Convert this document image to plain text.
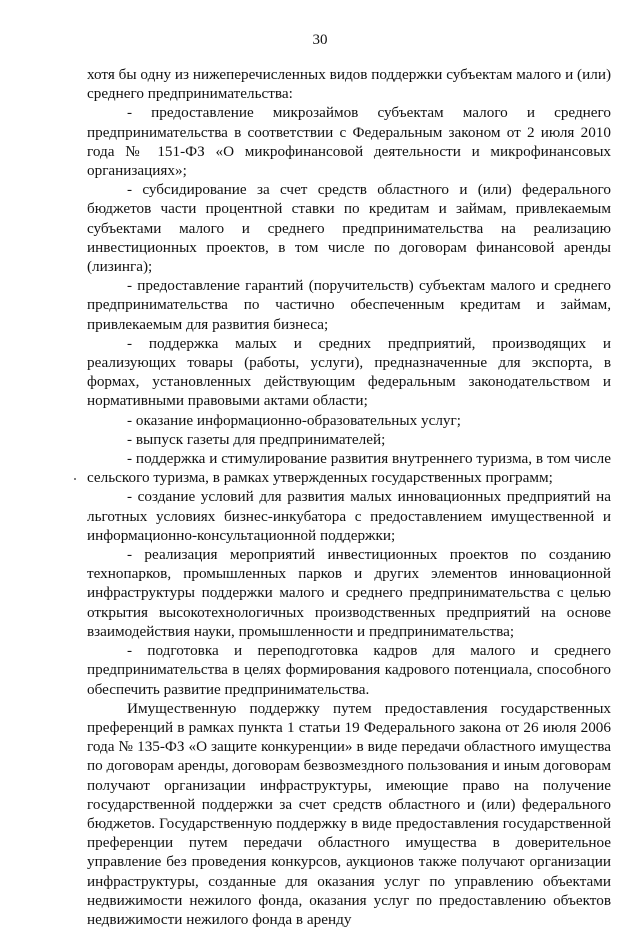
30

хотя бы одну из нижеперечисленных видов поддержки субъектам малого и (или) среднего предпринимательства:

- предоставление микрозаймов субъектам малого и среднего предпринимательства в соответствии с Федеральным законом от 2 июля 2010 года № 151-ФЗ «О микрофинансовой деятельности и микрофинансовых организациях»;

- субсидирование за счет средств областного и (или) федерального бюджетов части процентной ставки по кредитам и займам, привлекаемым субъектами малого и среднего предпринимательства на реализацию инвестиционных проектов, в том числе по договорам финансовой аренды (лизинга);

- предоставление гарантий (поручительств) субъектам малого и среднего предпринимательства по частично обеспеченным кредитам и займам, привлекаемым для развития бизнеса;

- поддержка малых и средних предприятий, производящих и реализующих товары (работы, услуги), предназначенные для экспорта, в формах, установленных действующим федеральным законодательством и нормативными правовыми актами области;

- оказание информационно-образовательных услуг;

- выпуск газеты для предпринимателей;

- поддержка и стимулирование развития внутреннего туризма, в том числе сельского туризма, в рамках утвержденных государственных программ;

- создание условий для развития малых инновационных предприятий на льготных условиях бизнес-инкубатора с предоставлением имущественной и информационно-консультационной поддержки;

- реализация мероприятий инвестиционных проектов по созданию технопарков, промышленных парков и других элементов инновационной инфраструктуры поддержки малого и среднего предпринимательства с целью открытия высокотехнологичных производственных предприятий на основе взаимодействия науки, промышленности и предпринимательства;

- подготовка и переподготовка кадров для малого и среднего предпринимательства в целях формирования кадрового потенциала, способного обеспечить развитие предпринимательства.

Имущественную поддержку путем предоставления государственных преференций в рамках пункта 1 статьи 19 Федерального закона от 26 июля 2006 года № 135-ФЗ «О защите конкуренции» в виде передачи областного имущества по договорам аренды, договорам безвозмездного пользования и иным договорам получают организации инфраструктуры, имеющие право на получение государственной поддержки за счет средств областного и (или) федерального бюджетов. Государственную поддержку в виде предоставления государственной преференции путем передачи областного имущества в доверительное управление без проведения конкурсов, аукционов также получают организации инфраструктуры, созданные для оказания услуг по управлению объектами недвижимости нежилого фонда, оказания услуг по предоставлению объектов недвижимости нежилого фонда в аренду
